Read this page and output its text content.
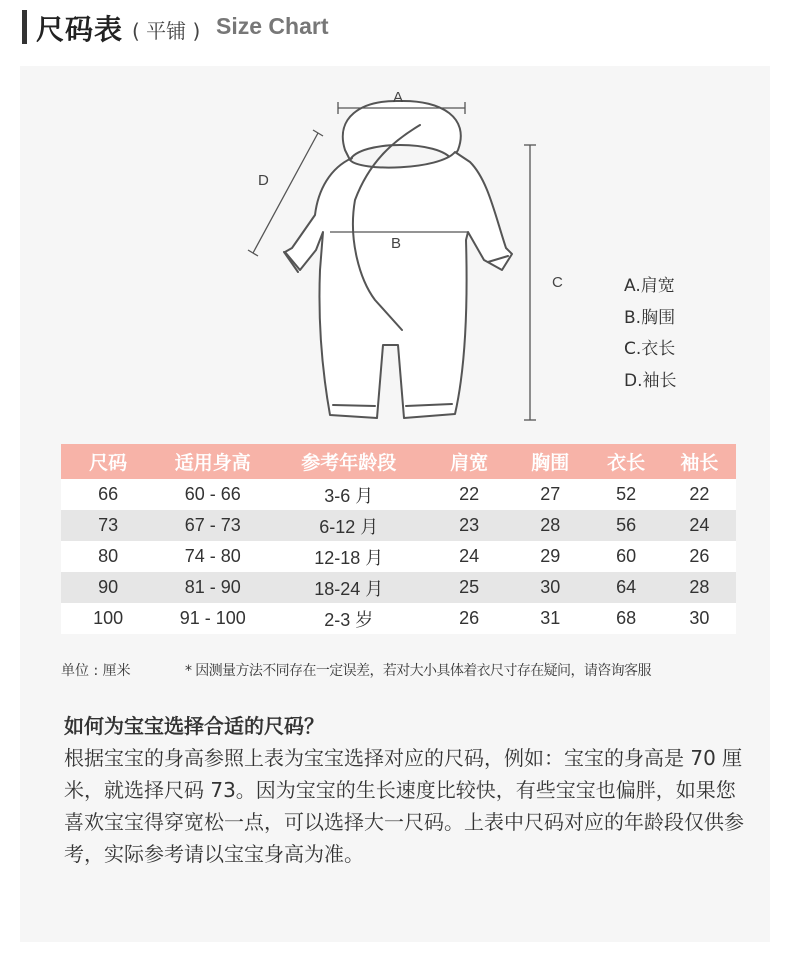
尺码表 ( 平铺 ) Size Chart
A
B
C
D
A.肩宽
B.胸围
C.衣长
D.袖长
尺码	适用身高	参考年龄段	肩宽	胸围	衣长	袖长
66	60 - 66	3-6 月	22	27	52	22
73	67 - 73	6-12 月	23	28	56	24
80	74 - 80	12-18 月	24	29	60	26
90	81 - 90	18-24 月	25	30	64	28
100	91 - 100	2-3 岁	26	31	68	30
单位 : 厘米	* 因测量方法不同存在一定误差，若对大小具体着衣尺寸存在疑问，请咨询客服
如何为宝宝选择合适的尺码？
根据宝宝的身高参照上表为宝宝选择对应的尺码，例如：宝宝的身高是 70 厘米，就选择尺码 73。因为宝宝的生长速度比较快，有些宝宝也偏胖，如果您喜欢宝宝得穿宽松一点，可以选择大一尺码。上表中尺码对应的年龄段仅供参考，实际参考请以宝宝身高为准。
